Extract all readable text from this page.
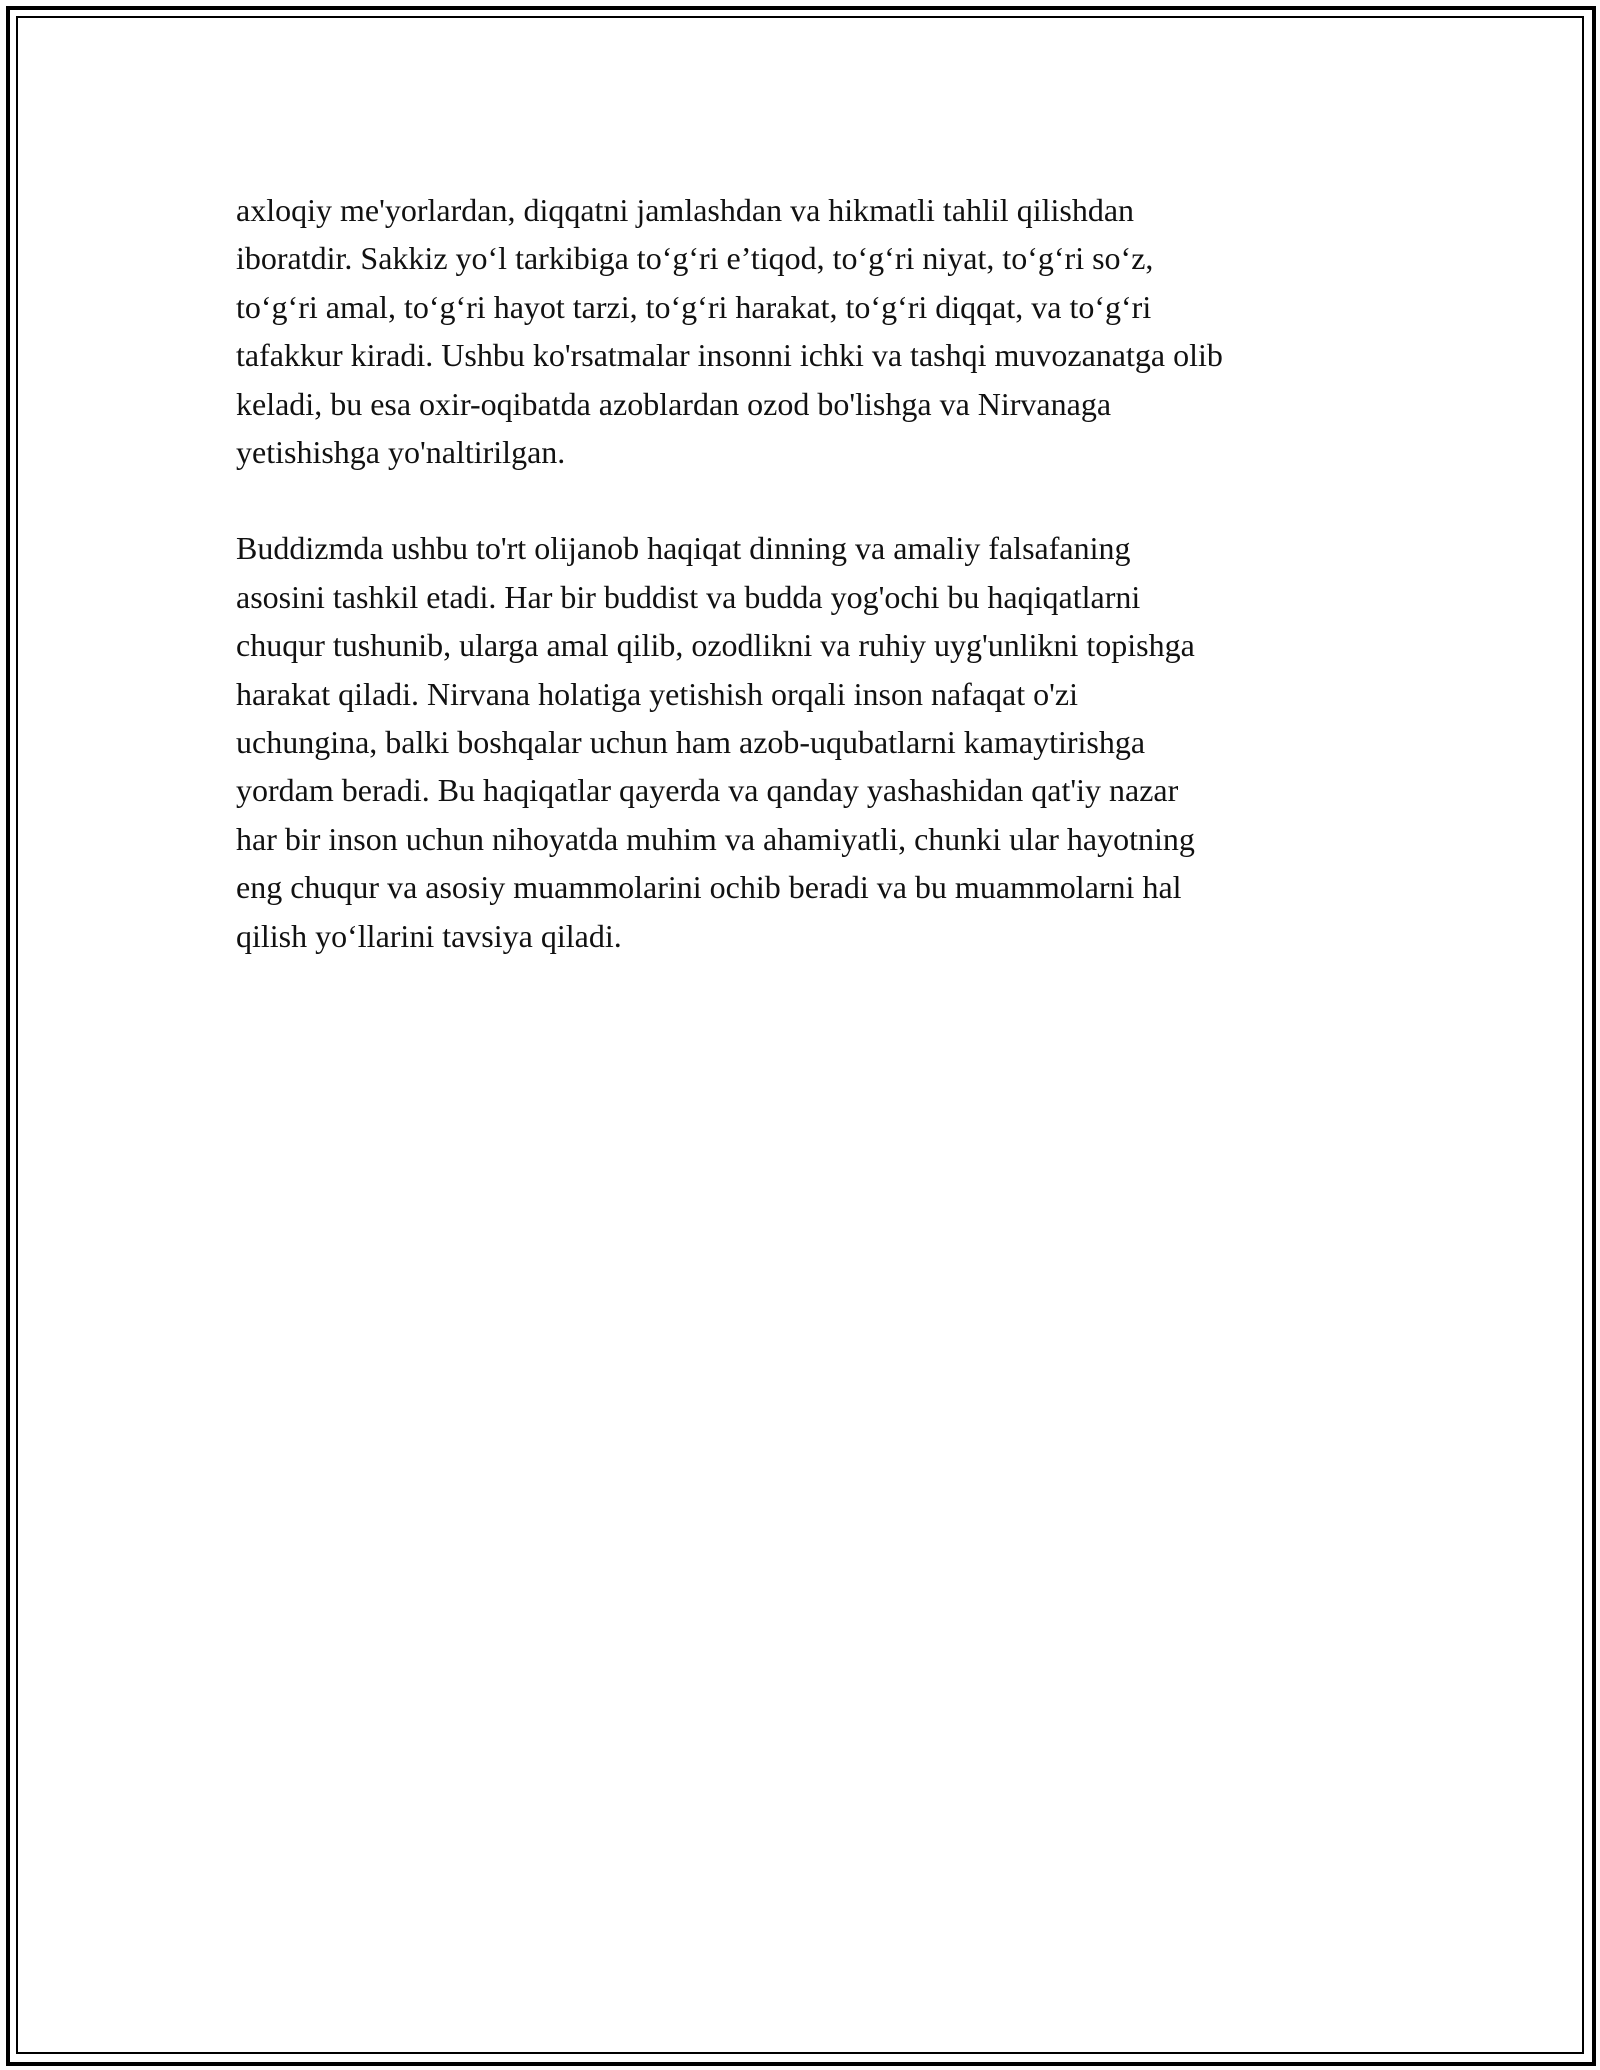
axloqiy me'yorlardan, diqqatni jamlashdan va hikmatli tahlil qilishdan
iboratdir. Sakkiz yo‘l tarkibiga to‘g‘ri e’tiqod, to‘g‘ri niyat, to‘g‘ri so‘z,
to‘g‘ri amal, to‘g‘ri hayot tarzi, to‘g‘ri harakat, to‘g‘ri diqqat, va to‘g‘ri
tafakkur kiradi. Ushbu ko'rsatmalar insonni ichki va tashqi muvozanatga olib
keladi, bu esa oxir-oqibatda azoblardan ozod bo'lishga va Nirvanaga
yetishishga yo'naltirilgan.

Buddizmda ushbu to'rt olijanob haqiqat dinning va amaliy falsafaning
asosini tashkil etadi. Har bir buddist va budda yog'ochi bu haqiqatlarni
chuqur tushunib, ularga amal qilib, ozodlikni va ruhiy uyg'unlikni topishga
harakat qiladi. Nirvana holatiga yetishish orqali inson nafaqat o'zi
uchungina, balki boshqalar uchun ham azob-uqubatlarni kamaytirishga
yordam beradi. Bu haqiqatlar qayerda va qanday yashashidan qat'iy nazar
har bir inson uchun nihoyatda muhim va ahamiyatli, chunki ular hayotning
eng chuqur va asosiy muammolarini ochib beradi va bu muammolarni hal
qilish yo‘llarini tavsiya qiladi.
